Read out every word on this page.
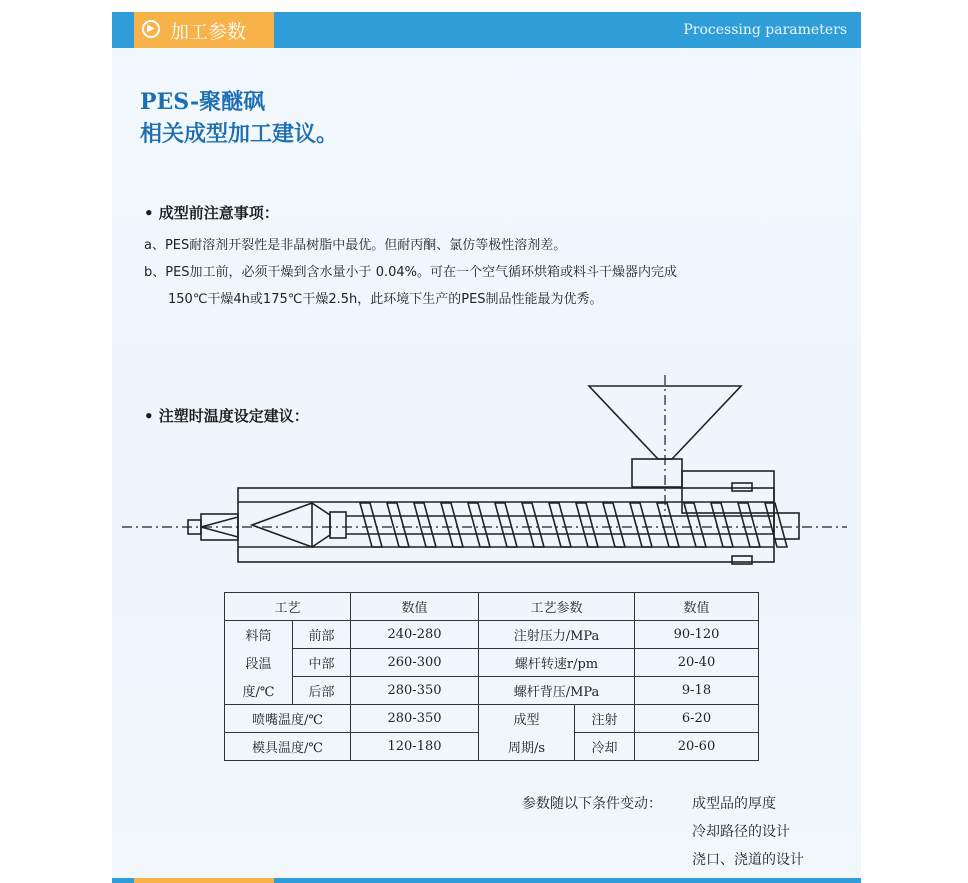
▶ 加工参数	Processing parameters
PES-聚醚砜
相关成型加工建议。
• 成型前注意事项：
a、PES耐溶剂开裂性是非晶树脂中最优。但耐丙酮、氯仿等极性溶剂差。
b、PES加工前，必须干燥到含水量小于 0.04%。可在一个空气循环烘箱或料斗干燥器内完成
150℃干燥4h或175℃干燥2.5h，此环境下生产的PES制品性能最为优秀。
• 注塑时温度设定建议：
工艺		数值	工艺参数		数值
料筒	前部	240-280	注射压力/MPa		90-120
段温	中部	260-300	螺杆转速r/pm		20-40
度/℃	后部	280-350	螺杆背压/MPa		9-18
喷嘴温度/℃		280-350	成型	注射	6-20
模具温度/℃		120-180	周期/s	冷却	20-60
参数随以下条件变动： 成型品的厚度
冷却路径的设计
浇口、浇道的设计
